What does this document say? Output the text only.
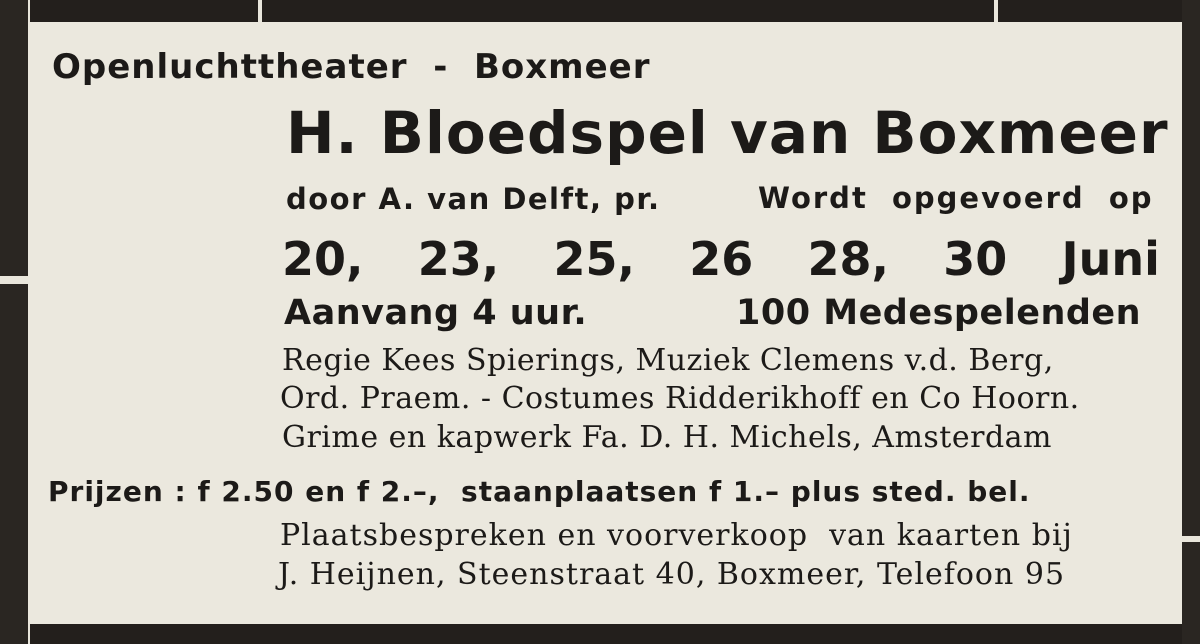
Openluchttheater  -  Boxmeer
H. Bloedspel van Boxmeer
door A. van Delft, pr.	Wordt  opgevoerd  op
20, 23, 25, 26 28, 30 Juni
Aanvang 4 uur.	100 Medespelenden
Regie Kees Spierings, Muziek Clemens v.d. Berg,
Ord. Praem. - Costumes Ridderikhoff en Co Hoorn.
Grime en kapwerk Fa. D. H. Michels, Amsterdam
Prijzen : f 2.50 en f 2.–,  staanplaatsen f 1.– plus sted. bel.
Plaatsbespreken en voorverkoop  van kaarten bij
J. Heijnen, Steenstraat 40, Boxmeer, Telefoon 95
